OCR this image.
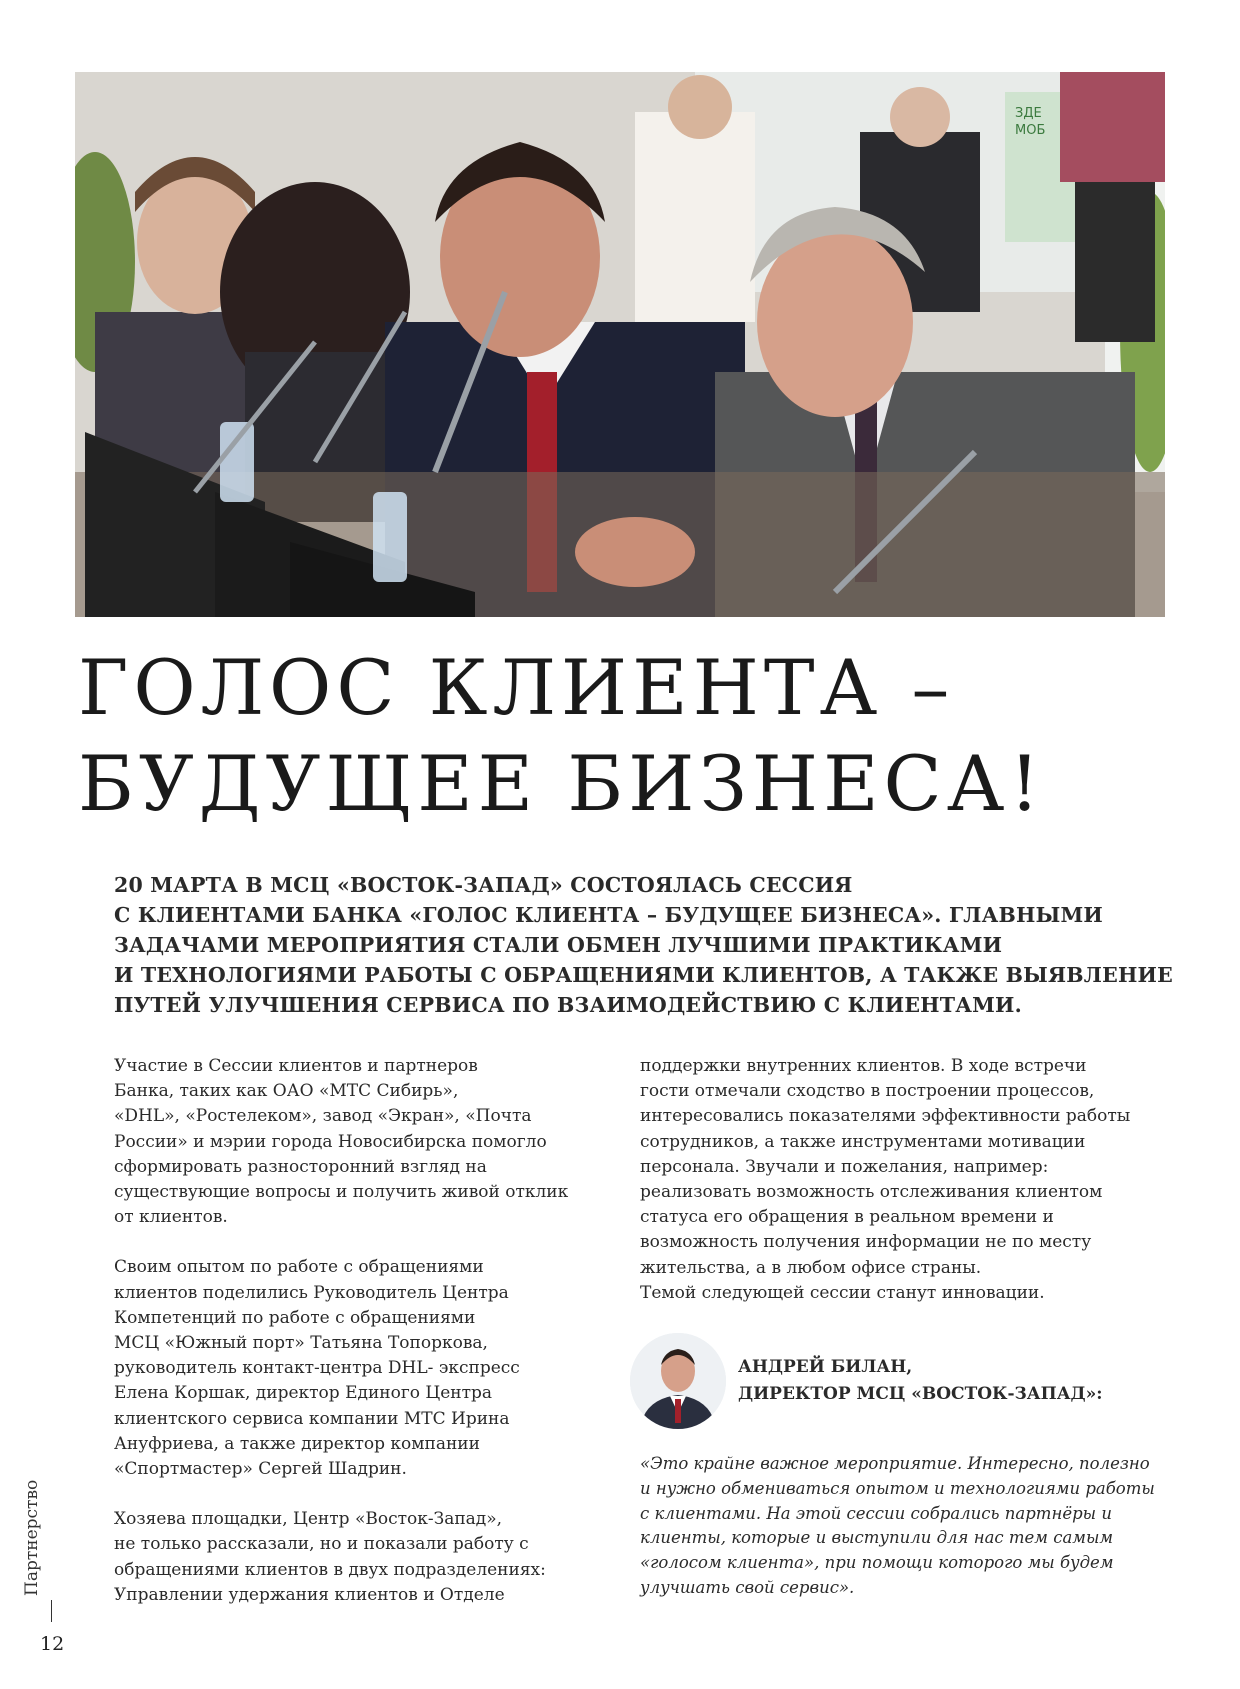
ЗДЕ
МОБ
ГОЛОС КЛИЕНТА –
БУДУЩЕЕ БИЗНЕСА!
20 МАРТА В МСЦ «ВОСТОК-ЗАПАД» СОСТОЯЛАСЬ СЕССИЯ
С КЛИЕНТАМИ БАНКА «ГОЛОС КЛИЕНТА – БУДУЩЕЕ БИЗНЕСА». ГЛАВНЫМИ
ЗАДАЧАМИ МЕРОПРИЯТИЯ СТАЛИ ОБМЕН ЛУЧШИМИ ПРАКТИКАМИ
И ТЕХНОЛОГИЯМИ РАБОТЫ С ОБРАЩЕНИЯМИ КЛИЕНТОВ, А ТАКЖЕ ВЫЯВЛЕНИЕ
ПУТЕЙ УЛУЧШЕНИЯ СЕРВИСА ПО ВЗАИМОДЕЙСТВИЮ С КЛИЕНТАМИ.

Участие в Сессии клиентов и партнеров
Банка, таких как ОАО «МТС Сибирь»,
«DHL», «Ростелеком», завод «Экран», «Почта
России» и мэрии города Новосибирска помогло
сформировать разносторонний взгляд на
существующие вопросы и получить живой отклик
от клиентов.

Своим опытом по работе с обращениями
клиентов поделились Руководитель Центра
Компетенций по работе с обращениями
МСЦ «Южный порт» Татьяна Топоркова,
руководитель контакт-центра DHL- экспресс
Елена Коршак, директор Единого Центра
клиентского сервиса компании МТС Ирина
Ануфриева, а также директор компании
«Спортмастер» Сергей Шадрин.

Хозяева площадки, Центр «Восток-Запад»,
не только рассказали, но и показали работу с
обращениями клиентов в двух подразделениях:
Управлении удержания клиентов и Отделе

поддержки внутренних клиентов. В ходе встречи
гости отмечали сходство в построении процессов,
интересовались показателями эффективности работы
сотрудников, а также инструментами мотивации
персонала. Звучали и пожелания, например:
реализовать возможность отслеживания клиентом
статуса его обращения в реальном времени и
возможность получения информации не по месту
жительства, а в любом офисе страны.
Темой следующей сессии станут инновации.

АНДРЕЙ БИЛАН,
ДИРЕКТОР МСЦ «ВОСТОК-ЗАПАД»:
«Это крайне важное мероприятие. Интересно, полезно
и нужно обмениваться опытом и технологиями работы
с клиентами. На этой сессии собрались партнёры и
клиенты, которые и выступили для нас тем самым
«голосом клиента», при помощи которого мы будем
улучшать свой сервис».
Партнерство
12
